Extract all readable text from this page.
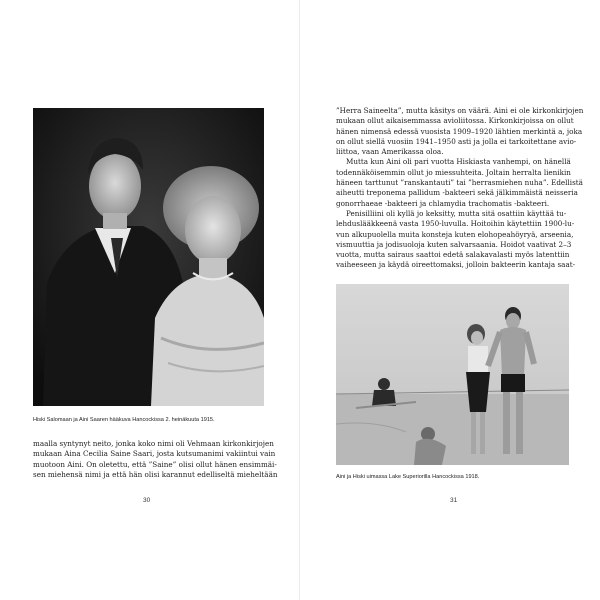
Hiski Salomaan ja Aini Saaren hääkuva Hancockissa 2. heinäkuuta 1915.
maalla syntynyt neito, jonka koko nimi oli Vehmaan kirkonkirjojen
mukaan Aina Cecilia Saine Saari, josta kutsumanimi vakiintui vain
muotoon Aini. On oletettu, että ”Saine” olisi ollut hänen ensimmäi-
sen miehensä nimi ja että hän olisi karannut edelliseltä mieheltään
30
”Herra Saineelta”, mutta käsitys on väärä. Aini ei ole kirkonkirjojen
mukaan ollut aikaisemmassa avioliitossa. Kirkonkirjoissa on ollut
hänen nimensä edessä vuosista 1909–1920 lähtien merkintä a, joka
on ollut siellä vuosiin 1941–1950 asti ja jolla ei tarkoitettane avio-
liittoa, vaan Amerikassa oloa.
Mutta kun Aini oli pari vuotta Hiskiasta vanhempi, on hänellä
todennäköisemmin ollut jo miessuhteita. Joltain herralta lienikin
häneen tarttunut ”ranskantauti” tai ”herrasmiehen nuha”. Edellistä
aiheutti treponema pallidum -bakteeri sekä jälkimmäistä neisseria
gonorrhaeae -bakteeri ja chlamydia trachomatis -bakteeri.
Penisilliini oli kyllä jo keksitty, mutta sitä osattiin käyttää tu-
lehduslääkkeenä vasta 1950-luvulla. Hoitoihin käytettiin 1900-lu-
vun alkupuolella muita konsteja kuten elohopeahöyryä, arseenia,
vismuuttia ja jodisuoloja kuten salvarsaania. Hoidot vaativat 2–3
vuotta, mutta sairaus saattoi edetä salakavalasti myös latenttiin
vaiheeseen ja käydä oireettomaksi, jolloin bakteerin kantaja saat-
Aini ja Hiski uimassa Lake Superiorilla Hancockissa 1918.
31
